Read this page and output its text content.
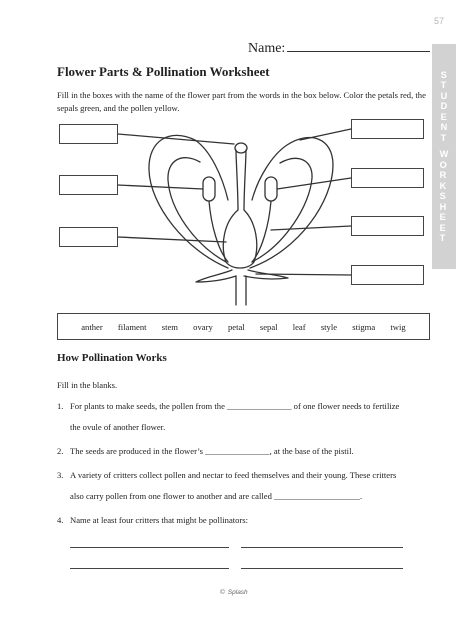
57
S
T
U
D
E
N
T
W
O
R
K
S
H
E
E
T
Name:
Flower Parts & Pollination Worksheet
Fill in the boxes with the name of the flower part from the words in the box below. Color the petals red, the sepals green, and the pollen yellow.
anther filament stem ovary petal sepal leaf style stigma twig
How Pollination Works
Fill in the blanks.
1. For plants to make seeds, the pollen from the _______________ of one flower needs to fertilize
the ovule of another flower.
2. The seeds are produced in the flower’s _______________, at the base of the pistil.
3. A variety of critters collect pollen and nectar to feed themselves and their young. These critters
also carry pollen from one flower to another and are called ____________________.
4. Name at least four critters that might be pollinators:
© Splash
